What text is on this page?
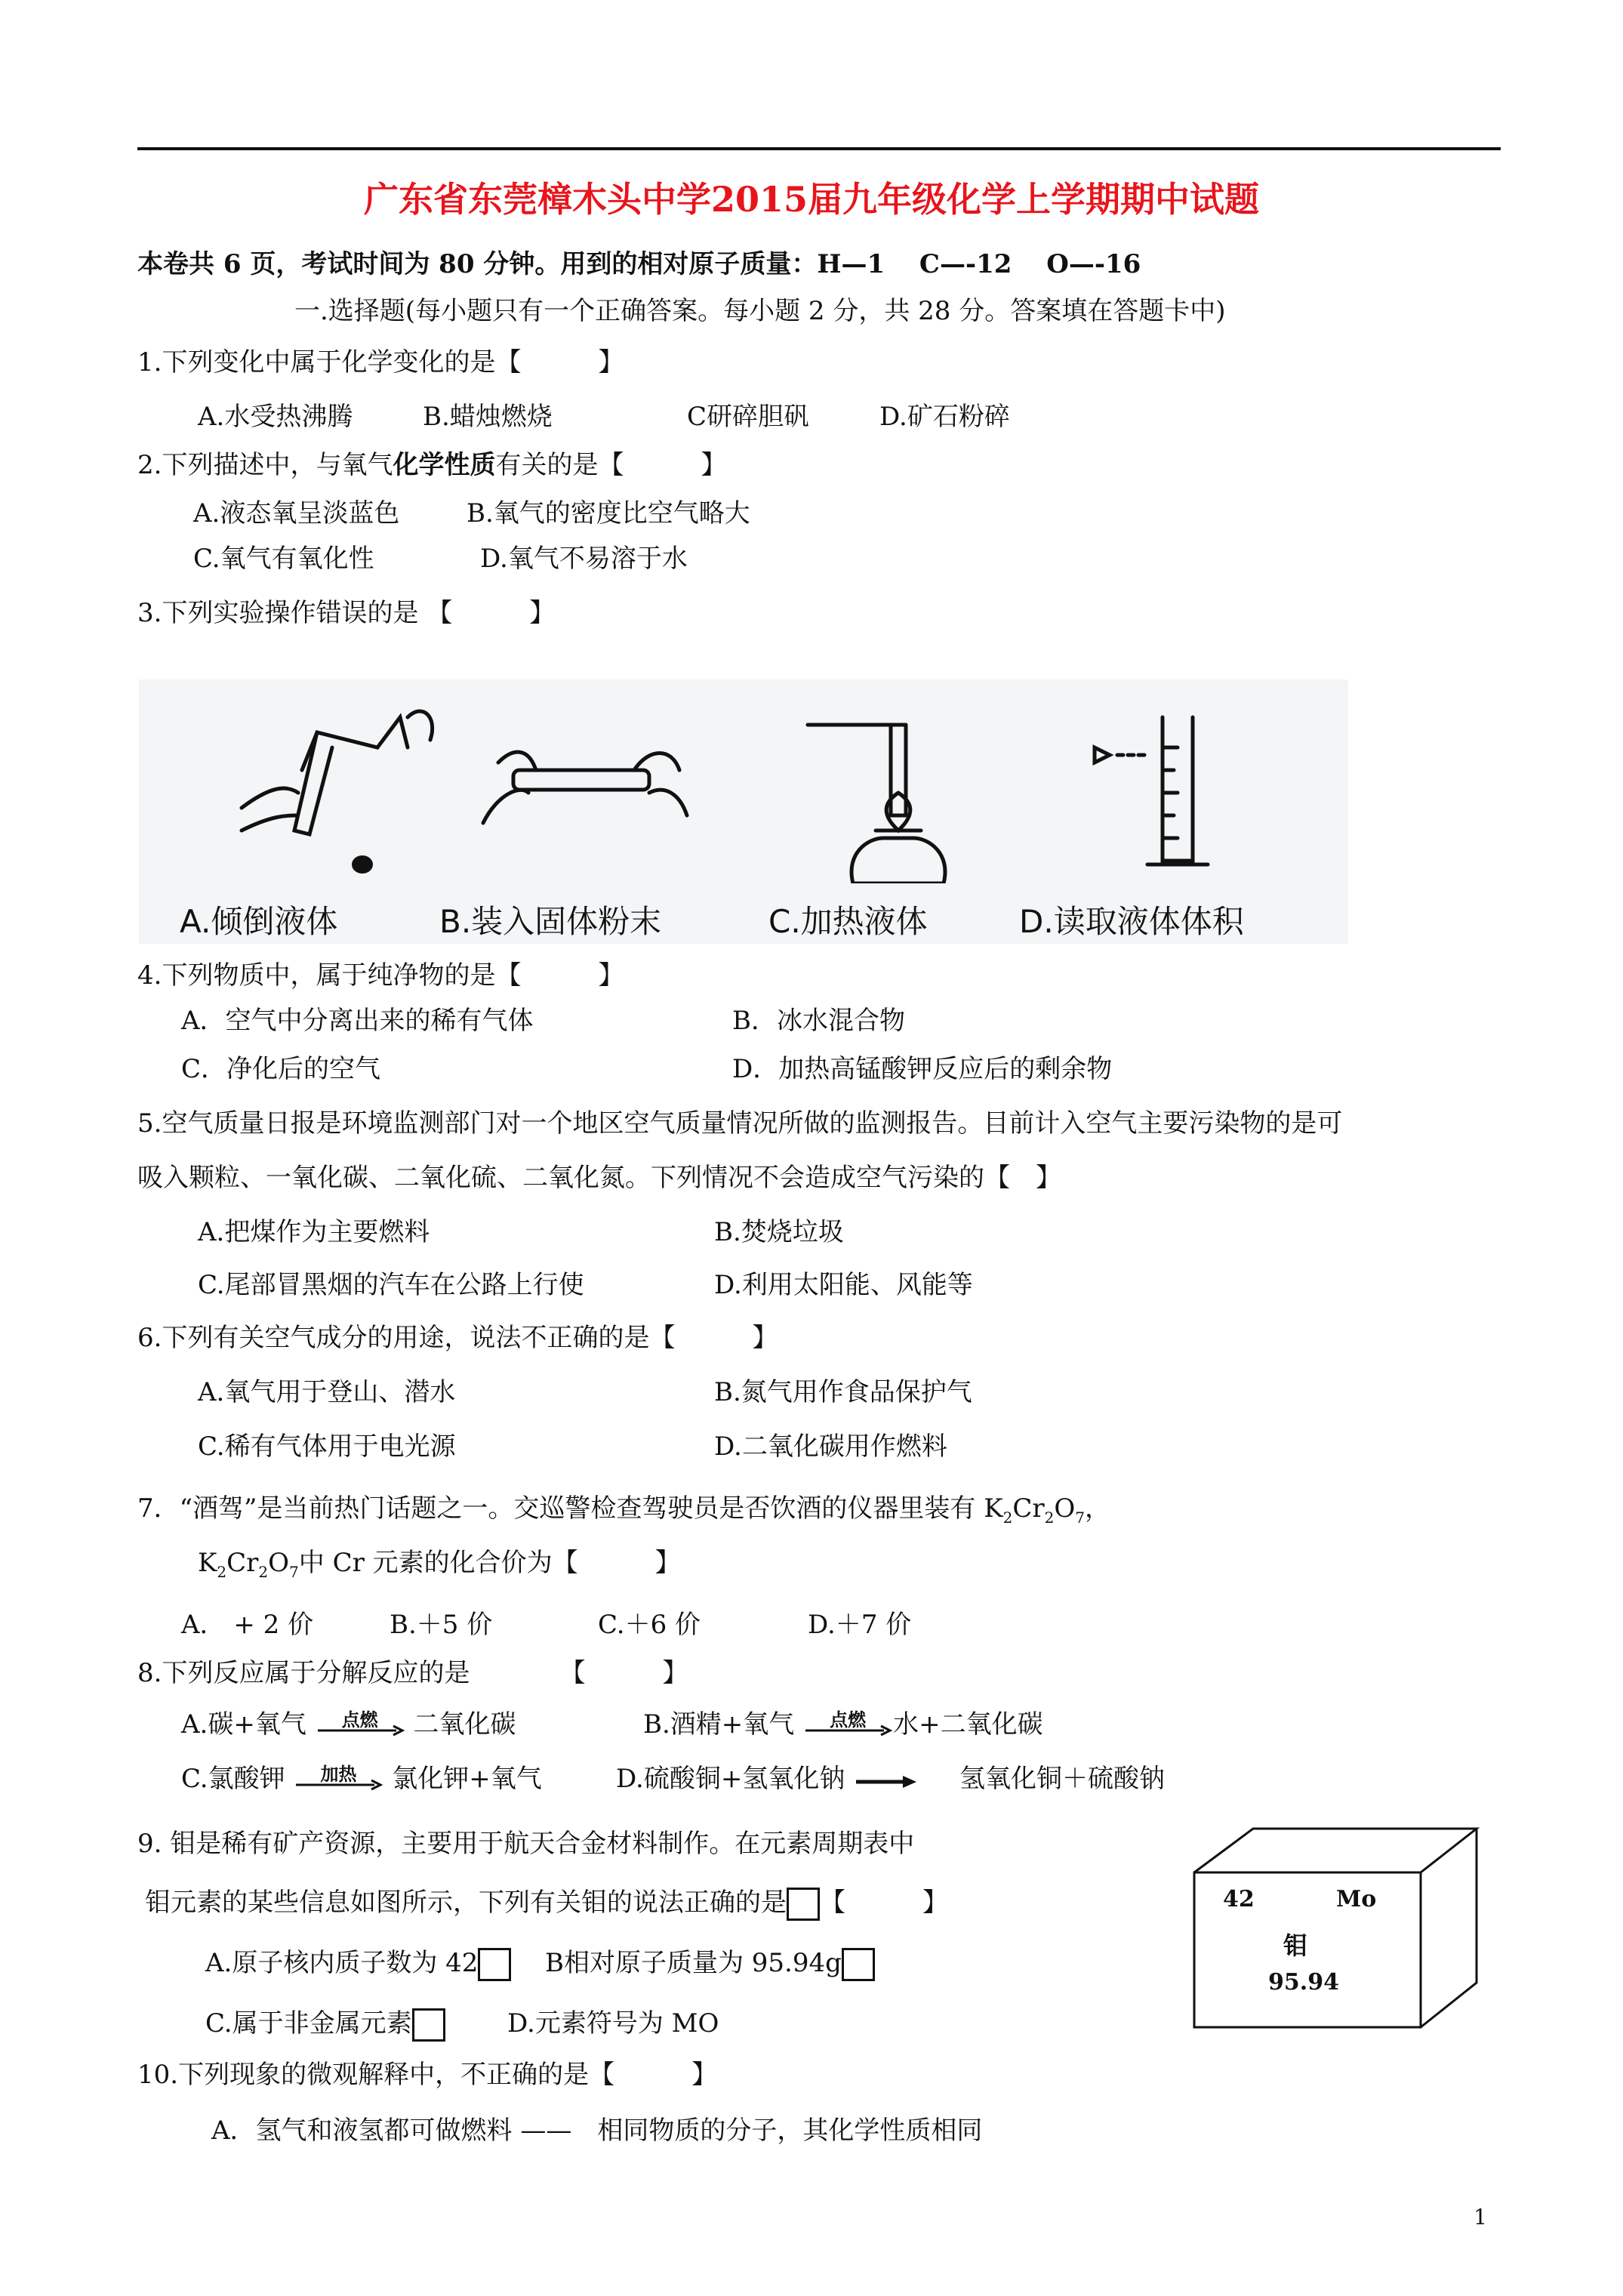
广东省东莞樟木头中学2015届九年级化学上学期期中试题
本卷共 6 页，考试时间为 80 分钟。用到的相对原子质量：H—1　 C—-12　 O—-16
一.选择题(每小题只有一个正确答案。每小题 2 分，共 28 分。答案填在答题卡中)
1.下列变化中属于化学变化的是【　　　】
A.水受热沸腾	B.蜡烛燃烧	C研碎胆矾	D.矿石粉碎
2.下列描述中，与氧气化学性质有关的是【　　　】
A.液态氧呈淡蓝色	B.氧气的密度比空气略大
C.氧气有氧化性	D.氧气不易溶于水
3.下列实验操作错误的是 【　　　】
A.倾倒液体	B.装入固体粉末	C.加热液体	D.读取液体体积
4.下列物质中，属于纯净物的是【　　　】
A．空气中分离出来的稀有气体	B．冰水混合物
C．净化后的空气	D．加热高锰酸钾反应后的剩余物
5.空气质量日报是环境监测部门对一个地区空气质量情况所做的监测报告。目前计入空气主要污染物的是可
吸入颗粒、一氧化碳、二氧化硫、二氧化氮。下列情况不会造成空气污染的【　】
A.把煤作为主要燃料	B.焚烧垃圾
C.尾部冒黑烟的汽车在公路上行使	D.利用太阳能、风能等
6.下列有关空气成分的用途，说法不正确的是【　　　】
A.氧气用于登山、潜水	B.氮气用作食品保护气
C.稀有气体用于电光源	D.二氧化碳用作燃料
7．“酒驾”是当前热门话题之一。交巡警检查驾驶员是否饮酒的仪器里装有 $K_2Cr_2O_7$，
$K_2Cr_2O_7$中 Cr 元素的化合价为【　　　】
A． + 2 价	B.＋5 价	C.＋6 价	D.＋7 价
8.下列反应属于分解反应的是　　　　【　　　】
A.碳+氧气	点燃	二氧化碳	B.酒精+氧气	点燃	水+二氧化碳
C.氯酸钾	加热	氯化钾+氧气	D.硫酸铜+氢氧化钠 → 氢氧化铜＋硫酸钠
9. 钼是稀有矿产资源，主要用于航天合金材料制作。在元素周期表中
钼元素的某些信息如图所示，下列有关钼的说法正确的是 【　　　】
A.原子核内质子数为 42	B相对原子质量为 95.94g
C.属于非金属元素	D.元素符号为 MO
42	Mo
钼
95.94
10.下列现象的微观解释中，不正确的是【　　　】
A．氢气和液氢都可做燃料 ——　相同物质的分子，其化学性质相同
1
